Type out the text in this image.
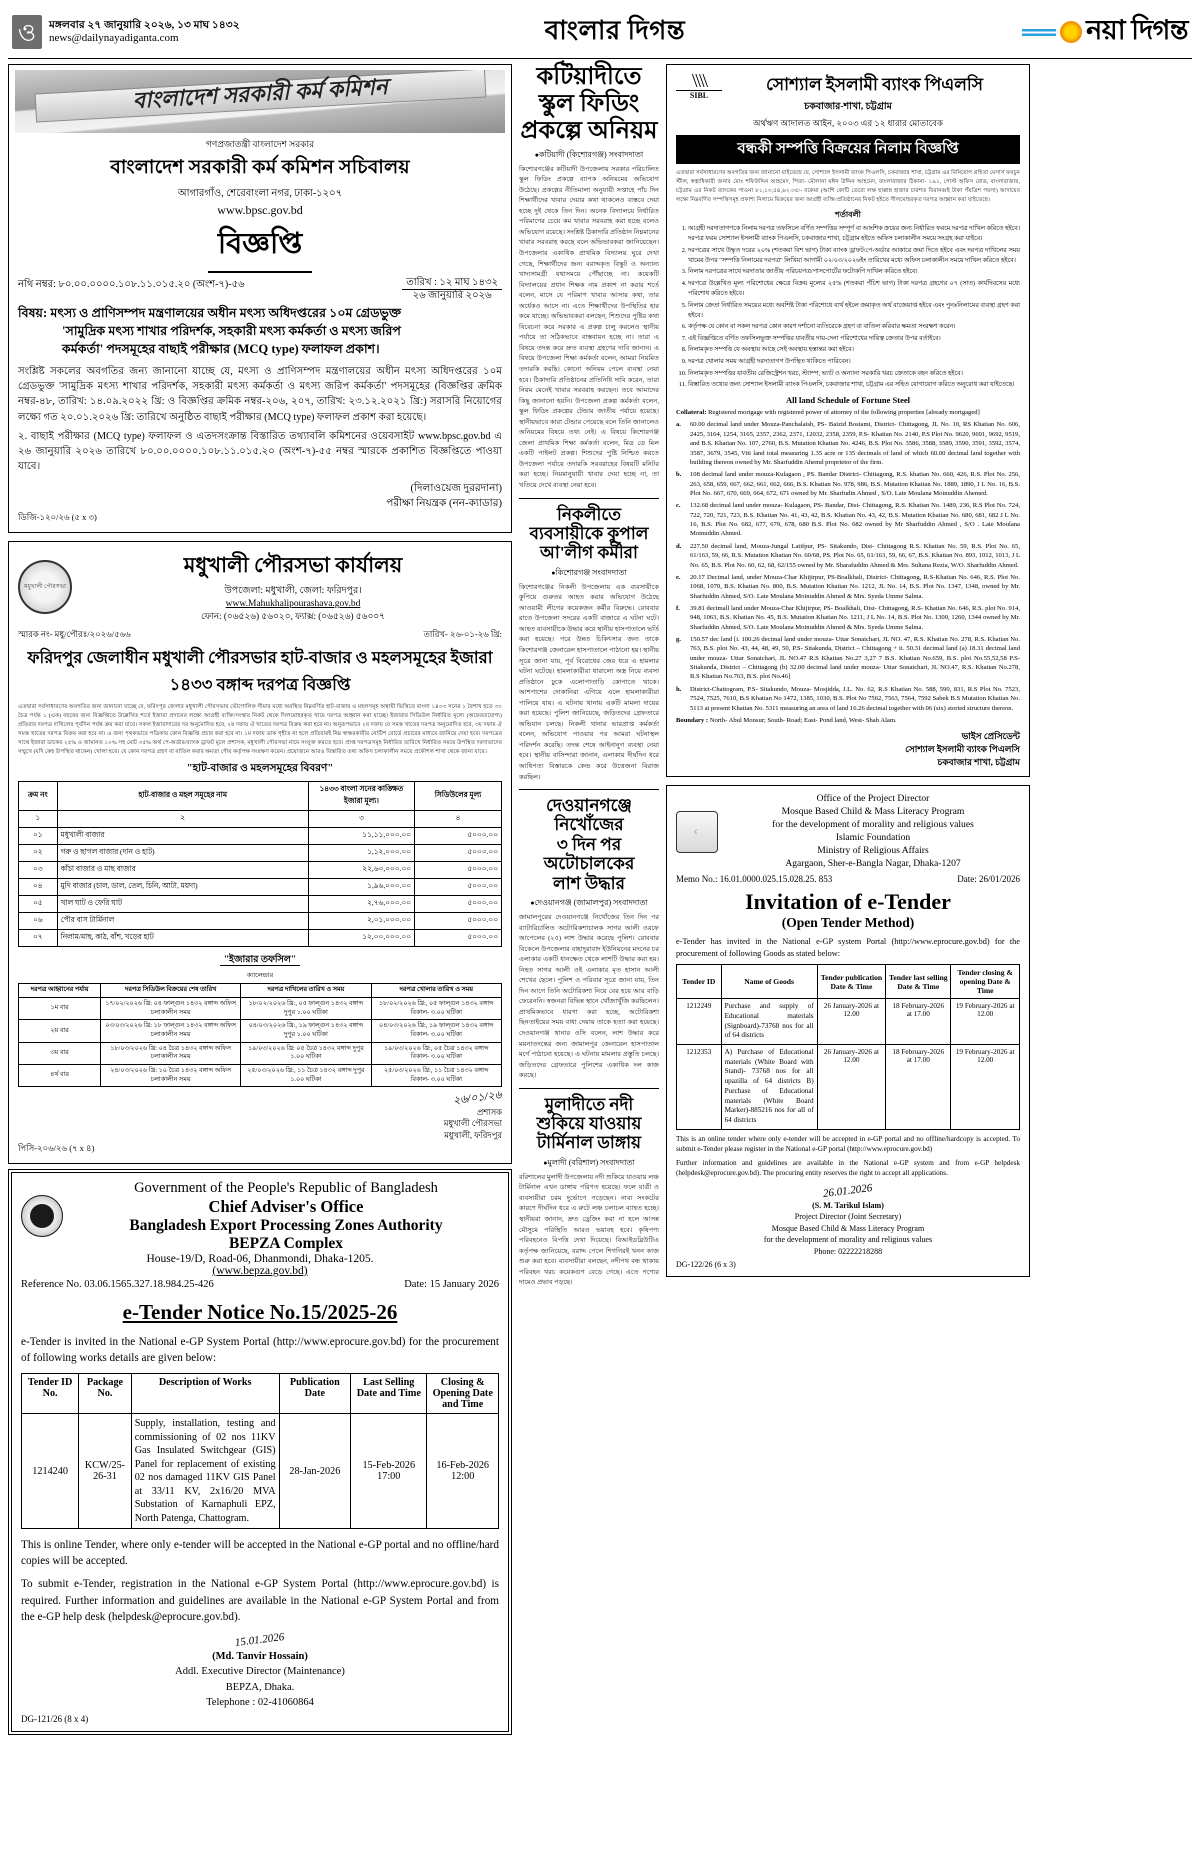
ও	মঙ্গলবার ২৭ জানুয়ারি ২০২৬, ১৩ মাঘ ১৪৩২
news@dailynayadiganta.com	বাংলার দিগন্ত	নয়া দিগন্ত
বাংলাদেশ সরকারী কর্ম কমিশন
গণপ্রজাতন্ত্রী বাংলাদেশ সরকার
বাংলাদেশ সরকারী কর্ম কমিশন সচিবালয়
আগারগাঁও, শেরেবাংলা নগর, ঢাকা-১২০৭
www.bpsc.gov.bd
বিজ্ঞপ্তি
নথি নম্বর: ৮০.০০.০০০০.১০৮.১১.০১৫.২০ (অংশ-৭)-৫৬	তারিখ : ১২ মাঘ ১৪৩২
২৬ জানুয়ারি ২০২৬
বিষয়: মৎস্য ও প্রাণিসম্পদ মন্ত্রণালয়ের অধীন মৎস্য অধিদপ্তরের ১০ম গ্রেডভুক্ত
'সামুদ্রিক মৎস্য শাখার পরিদর্শক, সহকারী মৎস্য কর্মকর্তা ও মৎস্য জরিপ
কর্মকর্তা' পদসমূহের বাছাই পরীক্ষার (MCQ type) ফলাফল প্রকাশ।
সংশ্লিষ্ট সকলের অবগতির জন্য জানানো যাচ্ছে যে, মৎস্য ও প্রাণিসম্পদ মন্ত্রণালয়ের অধীন মৎস্য অধিদপ্তরের ১০ম গ্রেডভুক্ত 'সামুদ্রিক মৎস্য শাখার পরিদর্শক, সহকারী মৎস্য কর্মকর্তা ও মৎস্য জরিপ কর্মকর্তা' পদসমূহের (বিজ্ঞপ্তির ক্রমিক নম্বর-৪৮, তারিখ: ১৪.০৯.২০২২ খ্রি: ও বিজ্ঞপ্তির ক্রমিক নম্বর-২০৬, ২০৭, তারিখ: ২৩.১২.২০২১ খ্রি:) সরাসরি নিয়োগের লক্ষ্যে গত ২০.০১.২০২৬ খ্রি: তারিখে অনুষ্ঠিত বাছাই পরীক্ষার (MCQ type) ফলাফল প্রকাশ করা হয়েছে।
২. বাছাই পরীক্ষার (MCQ type) ফলাফল ও এতদসংক্রান্ত বিস্তারিত তথ্যাবলি কমিশনের ওয়েবসাইট www.bpsc.gov.bd এ ২৬ জানুয়ারি ২০২৬ তারিখে ৮০.০০.০০০০.১০৮.১১.০১৫.২০ (অংশ-৭)-৫৫ নম্বর স্মারকে প্রকাশিত বিজ্ঞপ্তিতে পাওয়া যাবে।
(দিলাওয়েজ দুররদানা)
পরীক্ষা নিয়ন্ত্রক (নন-ক্যাডার)
ডিজি-১২০/২৬ (৫ x ৩)
মধুখালী পৌরসভা
মধুখালী পৌরসভা কার্যালয়
উপজেলা: মধুখালী, জেলা: ফরিদপুর।
www.Mahukhalipourashava.gov.bd
ফোন: (০৬৫২৬) ৫৬০২০, ফ্যাক্স: (০৬৫২৬) ৫৬০০৭
স্মারক নং- মধু/পৌরঃ/২০২৬/৫৬৬	তারিখ- ২৬-০১-২৬ খ্রি:
ফরিদপুর জেলাধীন মধুখালী পৌরসভার হাট-বাজার ও মহলসমূহের ইজারা ১৪৩৩ বঙ্গাব্দ দরপত্র বিজ্ঞপ্তি
এতদ্বারা সর্বসাধারণের অবগতির জন্য জানানো যাচ্ছে যে, ফরিদপুর জেলার মধুখালী পৌরসভার ভৌগোলিক সীমার মধ্যে অবস্থিত নিম্নবর্ণিত হাট-বাজার ও মহলসমূহ অস্থায়ী ভিত্তিতে বাংলা ১৪৩৩ সনের ১ বৈশাখ হতে ৩০ চৈত্র পর্যন্ত ১ (এক) বছরের জন্য বিজ্ঞপ্তিতে উল্লেখিত শর্তে ইজারা প্রদানের লক্ষ্যে আগ্রহী ব্যক্তি/সংস্থার নিকট থেকে সিলমোহরকৃত খামে দরপত্র আহ্বান করা যাচ্ছে। ইজারার সিডিউল নির্ধারিত মূল্যে (অফেরতযোগ্য) প্রতিবার দরপত্র দাখিলের পূর্বদিন পর্যন্ত ক্রয় করা যাবে। সকল ইজারাদারের দর অনুমোদিত হবে, ২য় দফায় ঐ খাতের দরপত্র বিক্রয় করা হবে না। অনুরূপভাবে ২য় দফায় যে সমস্ত খাতের দরপত্র অনুমোদিত হবে, ৩য় দফায় ঐ সমস্ত খাতের দরপত্র বিক্রয় করা হবে না। এ জন্য পৃথকভাবে পত্রিকায় কোন বিজ্ঞপ্তি প্রচার করা হবে না। ১ম দফায় ডাক গৃহীত না হলে প্রতিবারই নিম্ন স্বাক্ষরকারীর নোটিশ বোর্ডে প্রচারের মাধ্যমে জানিয়ে দেয়া হবে। দরপত্রের সাথে ইজারা ডাকের ২৫% ও জামানত ১০% সহ মোট ৩৫% অর্থ পে-অর্ডার/ব্যাংক ড্রাফট মূলে প্রশাসক, মধুখালী পৌরসভা নামে সংযুক্ত করতে হবে। প্রাপ্ত দরপত্রসমূহ নির্ধারিত তারিখে নির্ধারিত সময়ে উপস্থিত দরদাতাদের সম্মুখে (যদি কেহ উপস্থিত থাকেন) খোলা হবে। যে কোন দরপত্র গ্রহণ বা বাতিল করার ক্ষমতা পৌর কর্তৃপক্ষ সংরক্ষণ করেন। প্রয়োজনে আরও বিস্তারিত তথ্য অফিস চলাকালীন সময়ে প্রকৌশল শাখা থেকে জানা যাবে।
"হাট-বাজার ও মহলসমূহের বিবরণ"
ক্রম নং	হাট-বাজার ও মহল সমূহের নাম	১৪৩৩ বাংলা সনের কাঙ্ক্ষিত ইজারা মূল্য।	সিডিউলের মূল্য
১	২	৩	৪
০১	মধুখালী বাজার	১১,১১,০০০.০০	৫০০০.০০
০২	গরু ও ছাগল বাজার (দান ও হাট)	১,১২,০০০.০০	৫০০০.০০
০৩	কাঁচা বাজার ও মাছ বাজার	২২,৬০,০০০.০০	৫০০০.০০
০৪	মুদি বাজার (চাল, ডাল, তেল, চিনি, আটা, ময়দা)	১,৯৬,০০০.০০	৫০০০.০০
০৫	খাল ঘাট ও ফেরি ঘাট	২,৭৬,০০০.০০	৫০০০.০০
০৬	পৌর বাস টার্মিনাল	২,০১,০০০.০০	৫০০০.০০
০৭	নিলাম/মাছ, কাঠ, বাঁশ, খড়ের হাট	১২,০০,০০০.০০	৫০০০.০০
"ইজারার তফসিল"
ক্যালেন্ডার
দরপত্র আহ্বানের পর্যায়	দরপত্র সিডিউল বিক্রয়ের শেষ তারিখ	দরপত্র দাখিলের তারিখ ও সময়	দরপত্র খোলার তারিখ ও সময়
১ম বার	১৭/০২/২০২৬ খ্রি: ০৪ ফাল্গুন ১৪৩২ বঙ্গাব্দ অফিস চলাকালীন সময়	১৮/০২/২০২৬ খ্রি:, ০৫ ফাল্গুন ১৪৩২ বঙ্গাব্দ দুপুর ১.০০ ঘটিকা	১৮/০২/২০২৬ খ্রি:, ০৫ ফাল্গুন ১৪৩২ বঙ্গাব্দ বিকাল- ৩.০০ ঘটিকা
২য় বার	০৩/০৩/২০২৬ খ্রি: ১৮ ফাল্গুন ১৪৩২ বঙ্গাব্দ অফিস চলাকালীন সময়	০৪/০৩/২০২৬ খ্রি:, ১৯ ফাল্গুন ১৪৩২ বঙ্গাব্দ দুপুর ১.০০ ঘটিকা	০৪/০৩/২০২৬ খ্রি:, ১৯ ফাল্গুন ১৪৩২ বঙ্গাব্দ বিকাল- ৩.০০ ঘটিকা
৩য় বার	১৮/০৩/২০২৬ খ্রি: ০৪ চৈত্র ১৪৩২ বঙ্গাব্দ অফিস চলাকালীন সময়	১৯/০৩/২০২৬ খ্রি: ০৫ চৈত্র ১৪৩২ বঙ্গাব্দ দুপুর ১.০০ ঘটিকা	১৯/০৩/২০২৬ খ্রি:, ০৫ চৈত্র ১৪৩২ বঙ্গাব্দ বিকাল- ৩.০০ ঘটিকা
৪র্থ বার	২৪/০৩/২০২৬ খ্রি: ১০ চৈত্র ১৪৩২ বঙ্গাব্দ অফিস চলাকালীন সময়	২৫/০৩/২০২৬ খ্রি:, ১১ চৈত্র ১৪৩২ বঙ্গাব্দ দুপুর ১.০০ ঘটিকা	২৫/০৩/২০২৬ খ্রি:, ১১ চৈত্র ১৪৩২ বঙ্গাব্দ বিকাল- ৩.০০ ঘটিকা
২৬/০১/২৬
প্রশাসক
মধুখালী পৌরসভা
মধুখালী, ফরিদপুর
পিসি-২০৬/২৬ (৭ x ৪)
Government of the People's Republic of Bangladesh
Chief Adviser's Office
Bangladesh Export Processing Zones Authority
BEPZA Complex
House-19/D, Road-06, Dhanmondi, Dhaka-1205.
(www.bepza.gov.bd)
Reference No. 03.06.1565.327.18.984.25-426	Date: 15 January 2026
e-Tender Notice No.15/2025-26
e-Tender is invited in the National e-GP System Portal (http://www.eprocure.gov.bd) for the procurement of following works details are given below:
Tender ID No.	Package No.	Description of Works	Publication Date	Last Selling Date and Time	Closing & Opening Date and Time
1214240	KCW/25-26-31	Supply, installation, testing and commissioning of 02 nos 11KV Gas Insulated Switchgear (GIS) Panel for replacement of existing 02 nos damaged 11KV GIS Panel at 33/11 KV, 2x16/20 MVA Substation of Karnaphuli EPZ, North Patenga, Chattogram.	28-Jan-2026	15-Feb-2026 17:00	16-Feb-2026 12:00
This is online Tender, where only e-tender will be accepted in the National e-GP portal and no offline/hard copies will be accepted.
To submit e-Tender, registration in the National e-GP System Portal (http://www.eprocure.gov.bd) is required. Further information and guidelines are available in the National e-GP System Portal and from the e-GP help desk (helpdesk@eprocure.gov.bd).
15.01.2026
(Md. Tanvir Hossain)
Addl. Executive Director (Maintenance)
BEPZA, Dhaka.
Telephone : 02-41060864
DG-121/26 (8 x 4)
কটিয়াদীতে স্কুল ফিডিং
প্রকল্পে অনিয়ম
● কটিয়াদী (কিশোরগঞ্জ) সংবাদদাতা
কিশোরগঞ্জের কটিয়াদী উপজেলায় সরকার পরিচালিত স্কুল ফিডিং প্রকল্পে ব্যাপক অনিয়মের অভিযোগ উঠেছে। প্রকল্পের নীতিমালা অনুযায়ী সপ্তাহে পাঁচ দিন শিক্ষার্থীদের খাবার দেয়ার কথা থাকলেও বাস্তবে দেয়া হচ্ছে দুই থেকে তিন দিন। অনেক বিদ্যালয়ে নির্ধারিত পরিমাণের চেয়ে কম খাবার সরবরাহ করা হচ্ছে বলেও অভিযোগ রয়েছে। সংশ্লিষ্ট ঠিকাদারি প্রতিষ্ঠান নিম্নমানের খাবার সরবরাহ করছে বলে অভিভাবকরা জানিয়েছেন। উপজেলার একাধিক প্রাথমিক বিদ্যালয় ঘুরে দেখা গেছে, শিক্ষার্থীদের জন্য বরাদ্দকৃত বিস্কুট ও অন্যান্য খাদ্যসামগ্রী যথাসময়ে পৌঁছাচ্ছে না। কয়েকটি বিদ্যালয়ের প্রধান শিক্ষক নাম প্রকাশ না করার শর্তে বলেন, মাসে যে পরিমাণ খাবার আসার কথা, তার অর্ধেকও আসে না। এতে শিক্ষার্থীদের উপস্থিতির হার কমে যাচ্ছে। অভিভাবকরা বলছেন, শিশুদের পুষ্টির কথা বিবেচনা করে সরকার এ প্রকল্প চালু করলেও স্থানীয় পর্যায়ে তা সঠিকভাবে বাস্তবায়ন হচ্ছে না। তারা এ বিষয়ে তদন্ত করে দ্রুত ব্যবস্থা গ্রহণের দাবি জানান। এ বিষয়ে উপজেলা শিক্ষা কর্মকর্তা বলেন, আমরা নিয়মিত তদারকি করছি। কোনো অনিয়ম পেলে ব্যবস্থা নেয়া হবে। ঠিকাদারি প্রতিষ্ঠানের প্রতিনিধি দাবি করেন, তারা নিয়ম মেনেই খাবার সরবরাহ করছেন। তবে আমাদের কিছু জানানো হয়নি। উপজেলা প্রকল্প কর্মকর্তা বলেন, স্কুল ফিডিং প্রকল্পের টেন্ডার জাতীয় পর্যায়ে হয়েছে। স্থানীয়ভাবে কারা টেন্ডার পেয়েছে বলে তিনি জানালেও অনিয়মের বিষয়ে তথ্য নেই। এ বিষয়ে কিশোরগঞ্জ জেলা প্রাথমিক শিক্ষা কর্মকর্তা বলেন, মিড ডে মিল একটি পাইলট প্রকল্প। শিশুদের পুষ্টি নিশ্চিত করতে উপজেলা পর্যায়ে তদারকি সরবরাহের বিষয়টি মনিটর করা হচ্ছে। নিয়মানুযায়ী খাবার দেয়া হচ্ছে না, তা খতিয়ে দেখে ব্যবস্থা নেয়া হবে।
নিকলীতে
ব্যবসায়ীকে কুপাল
আ'লীগ কর্মীরা
● কিশোরগঞ্জ সংবাদদাতা
কিশোরগঞ্জের নিকলী উপজেলায় এক ব্যবসায়ীকে কুপিয়ে গুরুতর আহত করার অভিযোগ উঠেছে আওয়ামী লীগের কয়েকজন কর্মীর বিরুদ্ধে। রোববার রাতে উপজেলা সদরের একটি বাজারে এ ঘটনা ঘটে। আহত ব্যবসায়ীকে উদ্ধার করে স্থানীয় হাসপাতালে ভর্তি করা হয়েছে। পরে উন্নত চিকিৎসার জন্য তাকে কিশোরগঞ্জ জেনারেল হাসপাতালে পাঠানো হয়। স্থানীয় সূত্রে জানা যায়, পূর্ব বিরোধের জের ধরে এ হামলার ঘটনা ঘটেছে। হামলাকারীরা ধারালো অস্ত্র নিয়ে ব্যবসা প্রতিষ্ঠানে ঢুকে এলোপাতাড়ি কোপাতে থাকে। আশপাশের দোকানিরা এগিয়ে এলে হামলাকারীরা পালিয়ে যায়। এ ঘটনায় থানায় একটি মামলা দায়ের করা হয়েছে। পুলিশ জানিয়েছে, জড়িতদের গ্রেফতারে অভিযান চলছে। নিকলী থানার ভারপ্রাপ্ত কর্মকর্তা বলেন, অভিযোগ পাওয়ার পর আমরা ঘটনাস্থল পরিদর্শন করেছি। তদন্ত শেষে আইনানুগ ব্যবস্থা নেয়া হবে। স্থানীয় বাসিন্দারা জানান, এলাকায় দীর্ঘদিন ধরে আধিপত্য বিস্তারকে কেন্দ্র করে উত্তেজনা বিরাজ করছিল।
দেওয়ানগঞ্জে নিখোঁজের
৩ দিন পর অটোচালকের
লাশ উদ্ধার
● দেওয়ানগঞ্জ (জামালপুর) সংবাদদাতা
জামালপুরের দেওয়ানগঞ্জে নিখোঁজের তিন দিন পর ব্যাটারিচালিত অটোরিকশাচালক সাগর আলী ওরফে আপেলের (২৫) লাশ উদ্ধার করেছে পুলিশ। রোববার বিকেলে উপজেলার বাহাদুরাবাদ ইউনিয়নের মদনের চর এলাকার একটি ধানক্ষেত থেকে লাশটি উদ্ধার করা হয়। নিহত সাগর আলী ওই এলাকার মৃত হাসান আলী শেখের ছেলে। পুলিশ ও পরিবার সূত্রে জানা যায়, তিন দিন আগে তিনি অটোরিকশা নিয়ে বের হয়ে আর বাড়ি ফেরেননি। স্বজনরা বিভিন্ন স্থানে খোঁজাখুঁজি করছিলেন। প্রাথমিকভাবে ধারণা করা হচ্ছে, অটোরিকশা ছিনতাইয়ের সময় বাধা দেয়ায় তাকে হত্যা করা হয়েছে। দেওয়ানগঞ্জ থানার ওসি বলেন, লাশ উদ্ধার করে ময়নাতদন্তের জন্য জামালপুর জেনারেল হাসপাতাল মর্গে পাঠানো হয়েছে। এ ঘটনায় মামলার প্রস্তুতি চলছে। জড়িতদের গ্রেফতারে পুলিশের একাধিক দল কাজ করছে।
মুলাদীতে নদী
শুকিয়ে যাওয়ায়
টার্মিনাল ডাঙ্গায়
● মুলাদী (বরিশাল) সংবাদদাতা
বরিশালের মুলাদী উপজেলায় নদী শুকিয়ে যাওয়ায় লঞ্চ টার্মিনাল এখন ডাঙ্গায় পরিণত হয়েছে। ফলে যাত্রী ও ব্যবসায়ীরা চরম দুর্ভোগে পড়েছেন। নাব্য সংকটের কারণে দীর্ঘদিন ধরে এ রুটে লঞ্চ চলাচল ব্যাহত হচ্ছে। স্থানীয়রা জানান, দ্রুত ড্রেজিং করা না হলে আসন্ন মৌসুমে পরিস্থিতি আরও ভয়াবহ হবে। কৃষিপণ্য পরিবহনেও বিপত্তি দেখা দিয়েছে। বিআইডব্লিউটিএ কর্তৃপক্ষ জানিয়েছে, বরাদ্দ পেলে শিগগিরই খনন কাজ শুরু করা হবে। ব্যবসায়ীরা বলছেন, নদীপথ বন্ধ থাকায় পরিবহন খরচ কয়েকগুণ বেড়ে গেছে। এতে পণ্যের দামেও প্রভাব পড়ছে।
\\\\
SIBL
সোশ্যাল ইসলামী ব্যাংক পিএলসি
চকবাজার-শাখা, চট্টগ্রাম
অর্থঋণ আদালত আইন, ২০০৩ এর ১২ ধারার মোতাবেক
বন্ধকী সম্পত্তি বিক্রয়ের নিলাম বিজ্ঞপ্তি
এতদ্বারা সর্বসাধারণের অবগতির জন্য জানানো যাইতেছে যে, সোশ্যাল ইসলামী ব্যাংক পিএলসি, চকবাজার শাখা, চট্টগ্রাম এর বিনিয়োগ গ্রহিতা মেসার্স ফরচুন স্টীল, স্বত্বাধিকারী জনাব মোঃ শফিউদ্দিন আহমেদ, পিতা- মৌলানা মঈন উদ্দিন আহমেদ, বাংলাবাজার ঠিকানা- ১৯১, পোস্ট অফিস রোড, বাংলাবাজার, চট্টগ্রাম এর নিকট ব্যাংকের পাওনা ৮১,১৩,৫৪,৬২.৩৫/- বকেয়া (আশি কোটি তেরো লক্ষ ছাপ্পান্ন হাজার চারশত বিরানব্বই টাকা পঁয়ত্রিশ পয়সা) আদায়ের লক্ষ্যে নিম্নবর্ণিত সম্পত্তিসমূহ প্রকাশ্য নিলামে বিক্রয়ের জন্য আগ্রহী ব্যক্তি/প্রতিষ্ঠানের নিকট হইতে সীলমোহরকৃত দরপত্র আহ্বান করা যাইতেছে।
শর্তাবলী
1. আগ্রহী দরদাতাগণকে নিলাম দরপত্র তফসিলে বর্ণিত সম্পত্তির সম্পূর্ণ বা আংশিক ক্রয়ের জন্য নির্ধারিত ফরমে দরপত্র দাখিল করিতে হইবে। দরপত্র ফরম সোশ্যাল ইসলামী ব্যাংক পিএলসি, চকবাজার শাখা, চট্টগ্রাম হইতে অফিস চলাকালীন সময়ে সংগ্রহ করা যাইবে।
2. দরপত্রের সাথে উদ্ধৃত দরের ২০% (শতকরা বিশ ভাগ) টাকা ব্যাংক ড্রাফট/পে-অর্ডার আকারে জমা দিতে হইবে এবং দরপত্র দাখিলের সময় খামের উপর "সম্পত্তি নিলামের দরপত্র" লিখিয়া আগামী ০২/০৩/২০২৬ইং তারিখের মধ্যে অফিস চলাকালীন সময়ে দাখিল করিতে হইবে।
3. নিলাম দরপত্রের সাথে দরদাতার জাতীয় পরিচয়পত্র/পাসপোর্টের ফটোকপি দাখিল করিতে হইবে।
4. দরপত্রে উল্লেখিত মূল্য পরিশোধের ক্ষেত্রে বিক্রয় মূল্যের ২৫% (শতকরা পঁচিশ ভাগ) টাকা দরপত্র গ্রহণের ০৭ (সাত) কার্যদিবসের মধ্যে পরিশোধ করিতে হইবে।
5. নিলাম ক্রেতা নির্ধারিত সময়ের মধ্যে অবশিষ্ট টাকা পরিশোধে ব্যর্থ হইলে জমাকৃত অর্থ বাজেয়াপ্ত হইবে এবং পুনঃনিলামের ব্যবস্থা গ্রহণ করা হইবে।
6. কর্তৃপক্ষ যে কোন বা সকল দরপত্র কোন কারণ দর্শানো ব্যতিরেকে গ্রহণ বা বাতিল করিবার ক্ষমতা সংরক্ষণ করেন।
7. এই বিজ্ঞপ্তিতে বর্ণিত তফসিলভুক্ত সম্পত্তির যাবতীয় দায়-দেনা পরিশোধের দায়িত্ব ক্রেতার উপর বর্তাইবে।
8. নিলামকৃত সম্পত্তি যে অবস্থায় আছে সেই অবস্থায় হস্তান্তর করা হইবে।
9. দরপত্র খোলার সময় আগ্রহী দরদাতাগণ উপস্থিত থাকিতে পারিবেন।
10. নিলামকৃত সম্পত্তির যাবতীয় রেজিস্ট্রেশন খরচ, স্ট্যাম্প, ভ্যাট ও অন্যান্য সরকারি খরচ ক্রেতাকে বহন করিতে হইবে।
11. বিস্তারিত তথ্যের জন্য সোশ্যাল ইসলামী ব্যাংক পিএলসি, চকবাজার শাখা, চট্টগ্রাম এর সহিত যোগাযোগ করিতে অনুরোধ করা যাইতেছে।
All land Schedule of Fortune Steel
Collateral: Registered mortgage with registered power of attorney of the following properties [already mortgaged]
a.	60.00 decimal land under Mouza-Panchalaish, PS- Baizid Bostami, District- Chittagong, JL No. 10, RS Khatian No. 606, 2425, 3164, 1254, 3165, 2357, 2362, 2371, 12032, 2358, 2359, P.S- Khatian No. 2140, P.S Plot No. 9620, 9691, 9692, 9519, and B.S. Khatian No. 107, 2760, B.S. Mutation Khatian No. 4246, B.S. Plot No. 3586, 3588, 3589, 3590, 3591, 3592, 3574, 3587, 3679, 3545, Viti land total measuring 1.35 acre or 135 decimals of land of which 60.00 decimal land together with building thereon owned by Mr. Sharfuddin Ahemd proprietor of the firm.
b.	108 decimal land under mouza-Kulagaon , PS. Bandar District- Chittagong, R.S. khatian No. 660, 426, R.S. Plot No. 256, 263, 658, 659, 667, 662, 661, 662, 666, B.S. Khatian No. 978, 986, B.S. Mutation Khatian No. 1889, 1890, J L No. 16, B.S. Plot No. 667, 670, 669, 664, 672, 671 owned by Mr. Sharfudin Ahmed , S/O. Late Moulana Moinuddin Ahemed.
c.	132.68 decimal land under mouza- Kulagaon, PS- Bandar, Dist- Chittagong, R.S. Khatian No. 1489, 236, R.S Plot No. 724, 722, 720, 721, 723, B.S. Khatian No. 41, 43, 42, B.S. Khatian No. 43, 42, B.S. Mutation Khatian No. 680, 681, 682 J L No. 16, B.S. Plot No. 682, 677, 679, 678, 680 B.S. Plot No. 682 owned by Mr Sharfuddin Ahmed , S/O . Late Moulana Moinuddin Ahmed.
d.	227.50 decimal land, Mouza-Jungal Latifpur, PS- Sitakundo, Dist- Chittagong R.S. Khatian No. 59, R.S. Plot No. 65, 61/163, 59, 66, R.S. Mutation Khatian No. 60/68, PS. Plot No. 65, 61/163, 59, 66, 67, B.S. Khatian No. 893, 1012, 1013, J L No. 65, B.S. Plot No. 60, 62, 68, 62/155 owned by Mr. Sharafuddin Ahmed & Mrs. Sultana Rezia, W/O. Sharfuddin Ahmed.
e.	20.17 Decimal land, under Mouza-Char Khijirpur, PS-Boalkhali, District- Chittagong, R.S-Khatian No. 646, R.S. Plot No. 1068, 1070, B.S. Khatian No. 800, B.S. Mutation Khatian No. 1212, JL No. 14, B.S. Plot No. 1347, 1348, owned by Mr. Sharfuddin Ahmed, S/O. Late Moulana Moinuddin Ahmed & Mrs. Syeda Umme Salma.
f.	39.81 decimall land under Mouza-Char Khijirpur, PS- Boalkhali, Dist- Chittagong, R.S- Khatian No. 646, R.S. plot No. 914, 948, 1063, B.S. Khatian No. 45, B.S. Mutation Khatian No. 1211, J L No. 14, B.S. Plot No. 1300, 1260, 1344 owned by Mr. Sharfuddin Ahmed, S/O. Late Moulana Moinuddin Ahmed & Mrs. Syeda Umme Salma.
g.	150.57 dec land [i. 100.26 decimal land under mouza- Uttar Sonaichari, JL NO. 47, R.S. Khatian No. 278, R.S. Khatian No. 763, B.S. plot No. 43, 44, 48, 49, 50, P.S- Sitakunda, District – Chittagong + ii. 50.31 decimal land (a) 18.31 decimal land under mouza- Uttar Sonaichari, JL NO.47 R.S Khatian No.27 3,27 7 B.S. Khatian No.659, B.S. plot No.55,52,58 P.S- Sitakunda, District – Chittagong (b) 32.00 decimal land under mouza- Uttar Sonaichari, JL NO.47, R.S. Khatian No.278, B.S Khatian No.763, B.S. plot No.46]
h.	District-Chattogram, P.S- Sitakundo, Mouza- Mosjidda, J.L. No. 62, R.S Khatian No. 588, 590, 831, R.S Plot No. 7523, 7524, 7525, 7610, B.S Khatian No 1472, 1385, 1030, B.S. Plot No 7562, 7563, 7564, 7592 Sabek B.S Mutation Khatian No. 5113 at present Khatian No. 5311 measuring an area of land 16.26 decimal together with 06 (six) storied structure thereon.
Boundary : North- Abul Monsur; South- Road; East- Pond land, West- Shah Alam.
ভাইস প্রেসিডেন্ট
সোশ্যাল ইসলামী ব্যাংক পিএলসি
চকবাজার শাখা, চট্টগ্রাম
☾
Office of the Project Director
Mosque Based Child & Mass Literacy Program
for the development of morality and religious values
Islamic Foundation
Ministry of Religious Affairs
Agargaon, Sher-e-Bangla Nagar, Dhaka-1207
Memo No.: 16.01.0000.025.15.028.25. 853	Date: 26/01/2026
Invitation of e-Tender
(Open Tender Method)
e-Tender has invited in the National e-GP system Portal (http://www.eprocure.gov.bd) for the procurement of following Goods as stated below:
Tender ID	Name of Goods	Tender publication Date & Time	Tender last selling Date & Time	Tender closing & opening Date & Time
1212249	Purchase and supply of Educational materials (Signboard)-73768 nos for all of 64 districts	26 January-2026 at 12.00	18 February-2026 at 17.00	19 February-2026 at 12.00
1212353	A) Purchase of Educational materials (White Board with Stand)- 73768 nos for all upazilla of 64 districts B) Purchase of Educational materials (White Board Marker)-885216 nos for all of 64 districts	26 January-2026 at 12.00	18 February-2026 at 17.00	19 February-2026 at 12.00
This is an online tender where only e-tender will be accepted in e-GP portal and no offline/hardcopy is accepted. To submit e-Tender please register in the National e-GP portal (http://www.eprocure.gov.bd)
Further information and guidelines are available in the National e-GP system and from e-GP helpdesk (helpdesk@eprocure.gov.bd). The procuring entity reserves the right to accept all applications.
26.01.2026
(S. M. Tarikul Islam)
Project Director (Joint Secretary)
Mosque Based Child & Mass Literacy Program
for the development of morality and religious values
Phone: 02222218288
DG-122/26 (6 x 3)
